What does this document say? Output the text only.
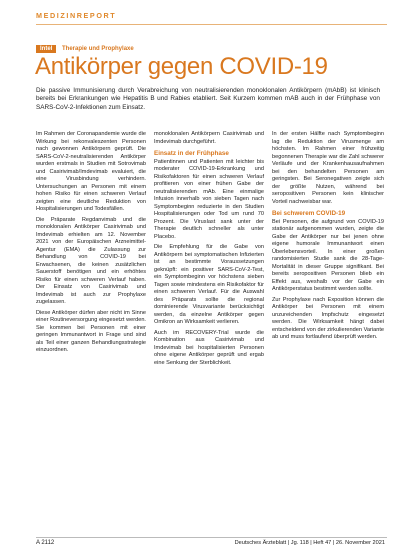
MEDIZINREPORT
Intel Therapie und Prophylaxe
Antikörper gegen COVID-19

Die passive Immunisierung durch Verabreichung von neutralisierenden monoklonalen Antikörpern (mAbB) ist klinisch bereits bei Erkrankungen wie Hepatitis B und Rabies etabliert. Seit Kurzem kommen mAB auch in der Frühphase von SARS-CoV-2-Infektionen zum Einsatz.

Im Rahmen der Coronapandemie wurde die Wirkung bei rekonvaleszenten Personen nach gewonnen Antikörpern geprüft. Die SARS-CoV-2-neutralisierenden Antikörper wurden erstmals in Studien mit Sotrovimab und Casirivimab/Imdevimab evaluiert, die eine Virusbindung verhindern. Untersuchungen an Personen mit einem hohen Risiko für einen schweren Verlauf zeigten eine deutliche Reduktion von Hospitalisierungen und Todesfällen.

Die Präparate Regdanvimab und die monoklonalen Antikörper Casirivimab und Imdevimab erhielten am 12. November 2021 von der Europäischen Arzneimittel-Agentur (EMA) die Zulassung zur Behandlung von COVID-19 bei Erwachsenen, die keinen zusätzlichen Sauerstoff benötigen und ein erhöhtes Risiko für einen schweren Verlauf haben. Der Einsatz von Casirivimab und Imdevimab ist auch zur Prophylaxe zugelassen.

Diese Antikörper dürfen aber nicht im Sinne einer Routineversorgung eingesetzt werden. Sie kommen bei Personen mit einer geringen Immunantwort in Frage und sind als Teil einer ganzen Behandlungsstrategie einzuordnen.

monoklonalen Antikörpern Casirivimab und Imdevimab durchgeführt.

Einsatz in der Frühphase

Patientinnen und Patienten mit leichter bis moderater COVID-19-Erkrankung und Risikofaktoren für einen schweren Verlauf profitieren von einer frühen Gabe der neutralisierenden mAb. Eine einmalige Infusion innerhalb von sieben Tagen nach Symptombeginn reduzierte in den Studien Hospitalisierungen oder Tod um rund 70 Prozent. Die Viruslast sank unter der Therapie deutlich schneller als unter Placebo.

Die Empfehlung für die Gabe von Antikörpern bei symptomatischen Infizierten ist an bestimmte Voraussetzungen geknüpft: ein positiver SARS-CoV-2-Test, ein Symptombeginn vor höchstens sieben Tagen sowie mindestens ein Risikofaktor für einen schweren Verlauf. Für die Auswahl des Präparats sollte die regional dominierende Virusvariante berücksichtigt werden, da einzelne Antikörper gegen Omikron an Wirksamkeit verlieren.

Auch im RECOVERY-Trial wurde die Kombination aus Casirivimab und Imdevimab bei hospitalisierten Personen ohne eigene Antikörper geprüft und ergab eine Senkung der Sterblichkeit.

In der ersten Hälfte nach Symptombeginn lag die Reduktion der Virusmenge am höchsten. Im Rahmen einer frühzeitig begonnenen Therapie war die Zahl schwerer Verläufe und der Krankenhausaufnahmen bei den behandelten Personen am geringsten. Bei Seronegativen zeigte sich der größte Nutzen, während bei seropositiven Personen kein klinischer Vorteil nachweisbar war.

Bei schwerem COVID-19

Bei Personen, die aufgrund von COVID-19 stationär aufgenommen wurden, zeigte die Gabe der Antikörper nur bei jenen ohne eigene humorale Immunantwort einen Überlebensvorteil. In einer großen randomisierten Studie sank die 28-Tage-Mortalität in dieser Gruppe signifikant. Bei bereits seropositiven Personen blieb ein Effekt aus, weshalb vor der Gabe ein Antikörperstatus bestimmt werden sollte.

Zur Prophylaxe nach Exposition können die Antikörper bei Personen mit einem unzureichenden Impfschutz eingesetzt werden. Die Wirksamkeit hängt dabei entscheidend von der zirkulierenden Variante ab und muss fortlaufend überprüft werden.

A 2112	Deutsches Ärzteblatt | Jg. 118 | Heft 47 | 26. November 2021
